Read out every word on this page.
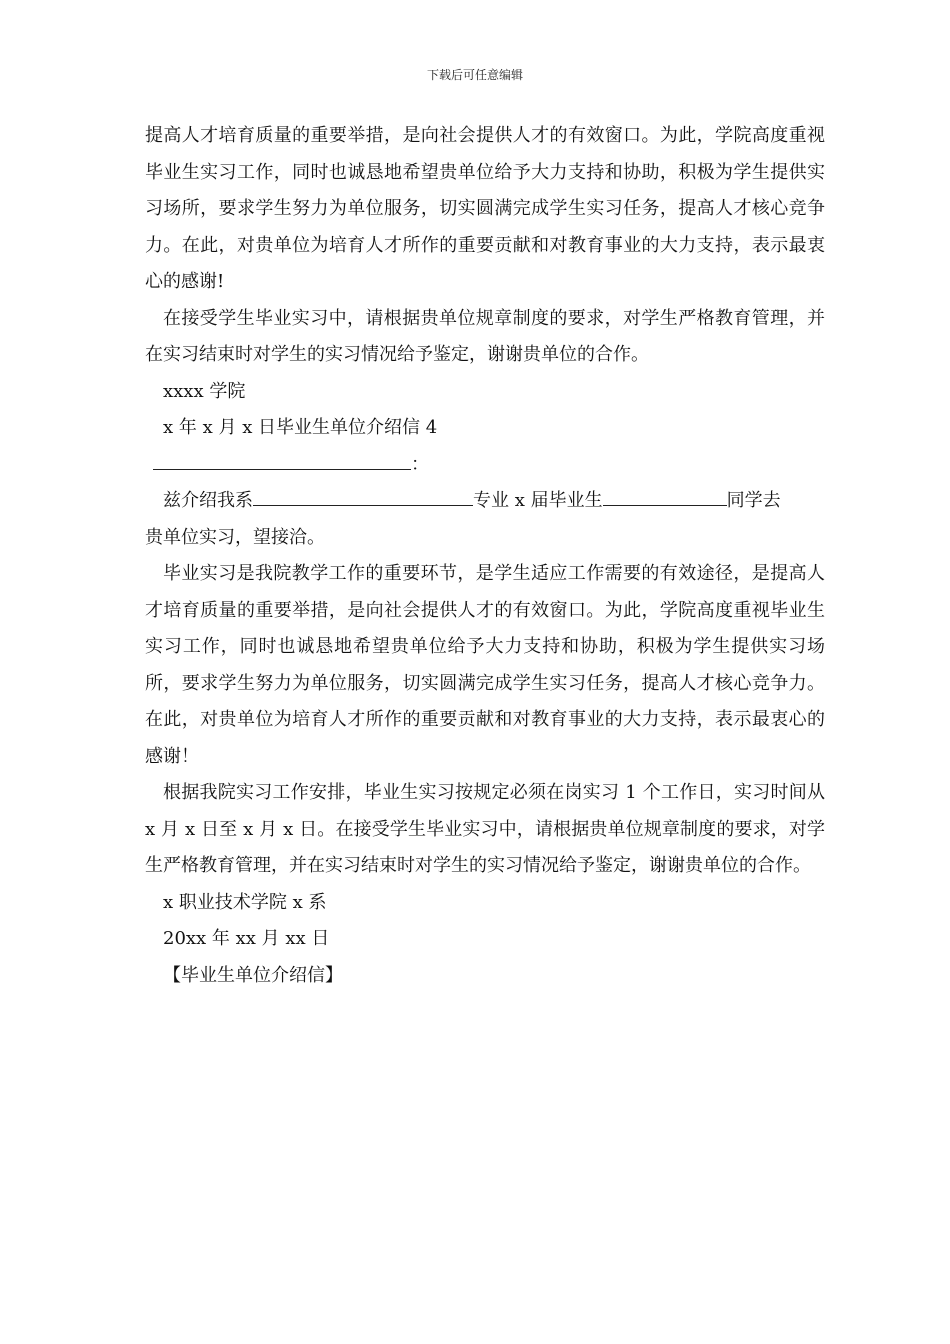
下载后可任意编辑

提高人才培育质量的重要举措，是向社会提供人才的有效窗口。为此，学院高度重视毕业生实习工作，同时也诚恳地希望贵单位给予大力支持和协助，积极为学生提供实习场所，要求学生努力为单位服务，切实圆满完成学生实习任务，提高人才核心竞争力。在此，对贵单位为培育人才所作的重要贡献和对教育事业的大力支持，表示最衷心的感谢!

在接受学生毕业实习中，请根据贵单位规章制度的要求，对学生严格教育管理，并在实习结束时对学生的实习情况给予鉴定，谢谢贵单位的合作。

xxxx 学院
x 年 x 月 x 日毕业生单位介绍信 4
：
兹介绍我系	专业 x 届毕业生	同学去

贵单位实习，望接洽。

毕业实习是我院教学工作的重要环节，是学生适应工作需要的有效途径，是提高人才培育质量的重要举措，是向社会提供人才的有效窗口。为此，学院高度重视毕业生实习工作，同时也诚恳地希望贵单位给予大力支持和协助，积极为学生提供实习场所，要求学生努力为单位服务，切实圆满完成学生实习任务，提高人才核心竞争力。在此，对贵单位为培育人才所作的重要贡献和对教育事业的大力支持，表示最衷心的感谢！

根据我院实习工作安排，毕业生实习按规定必须在岗实习 1 个工作日，实习时间从 x 月 x 日至 x 月 x 日。在接受学生毕业实习中，请根据贵单位规章制度的要求，对学生严格教育管理，并在实习结束时对学生的实习情况给予鉴定，谢谢贵单位的合作。

x 职业技术学院 x 系
20xx 年 xx 月 xx 日
【毕业生单位介绍信】
